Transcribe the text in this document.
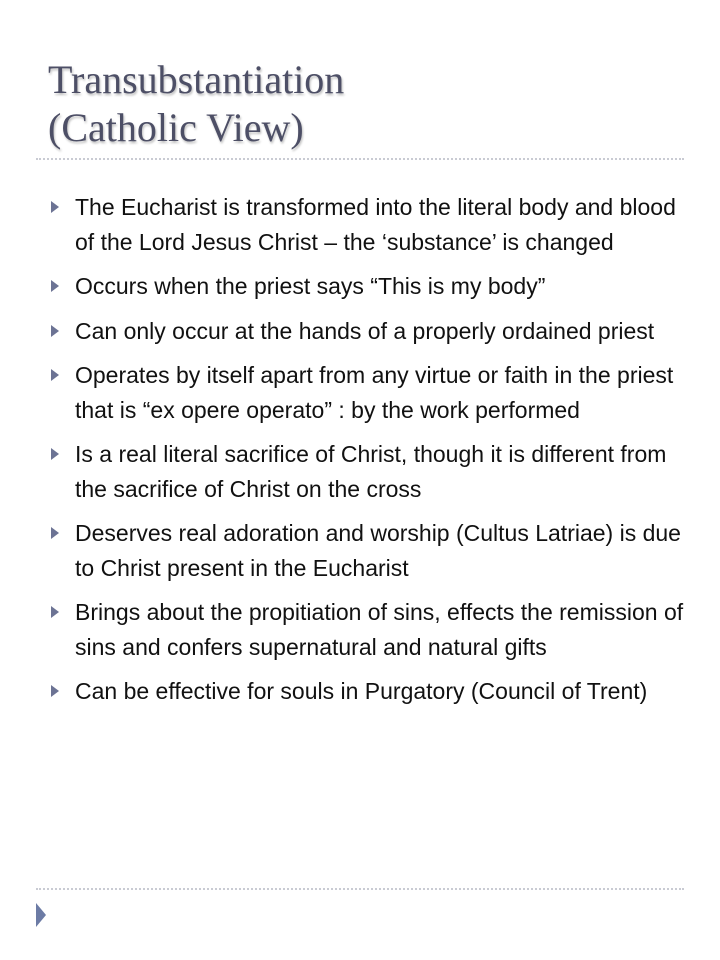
Transubstantiation
(Catholic View)
The Eucharist is transformed into the literal body and blood of the Lord Jesus Christ – the ‘substance’ is changed
Occurs when the priest says “This is my body”
Can only occur at the hands of a properly ordained priest
Operates by itself apart from any virtue or faith in the priest that is “ex opere operato” : by the work performed
Is a real literal sacrifice of Christ, though it is different from the sacrifice of Christ on the cross
Deserves real adoration and worship (Cultus Latriae) is due to Christ present in the Eucharist
Brings about the propitiation of sins, effects the remission of sins and confers supernatural and natural gifts
Can be effective for souls in Purgatory (Council of Trent)
